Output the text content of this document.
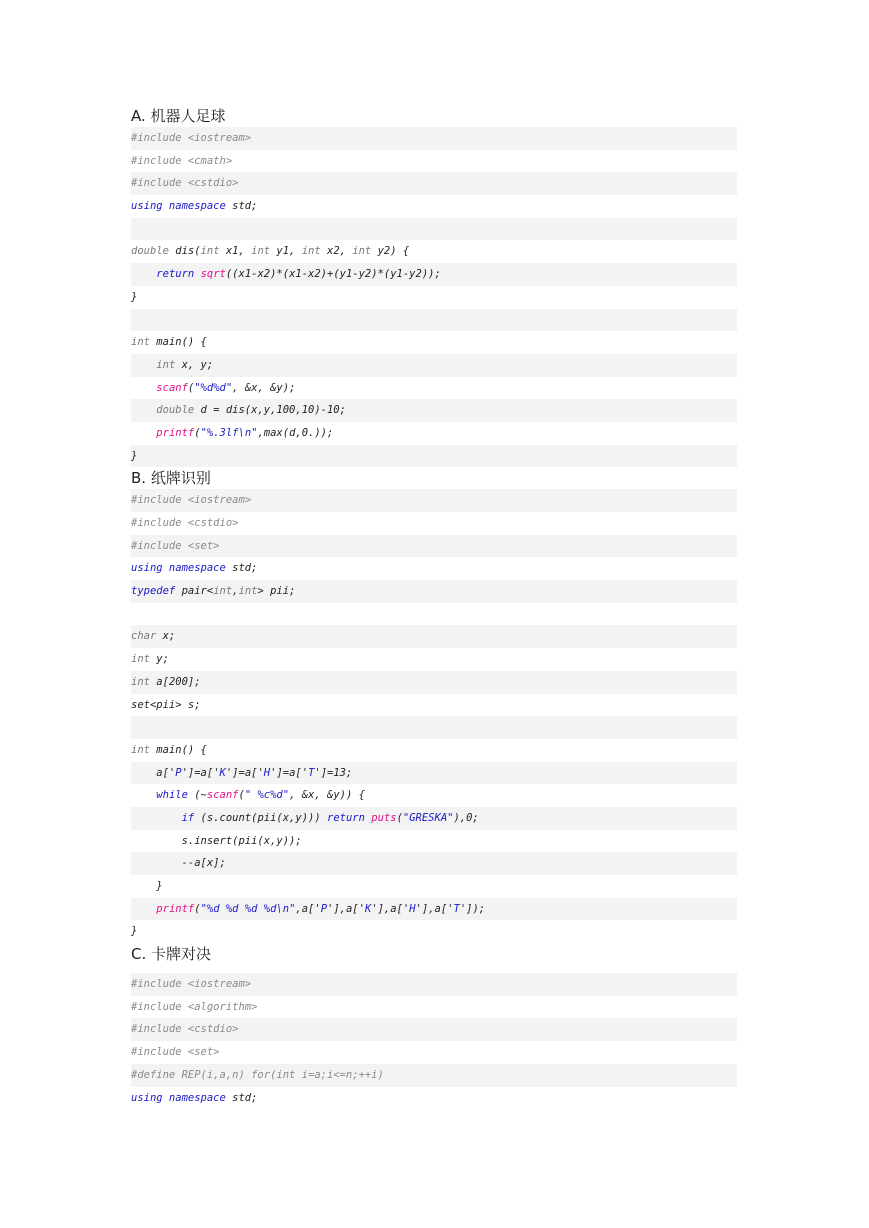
A. 机器人足球
#include <iostream>
#include <cmath>
#include <cstdio>
using namespace std;

double dis(int x1, int y1, int x2, int y2) {
return sqrt((x1-x2)*(x1-x2)+(y1-y2)*(y1-y2));
}

int main() {
int x, y;
scanf("%d%d", &x, &y);
double d = dis(x,y,100,10)-10;
printf("%.3lf\n",max(d,0.));
}
B. 纸牌识别
#include <iostream>
#include <cstdio>
#include <set>
using namespace std;
typedef pair<int,int> pii;

char x;
int y;
int a[200];
set<pii> s;

int main() {
a['P']=a['K']=a['H']=a['T']=13;
while (~scanf(" %c%d", &x, &y)) {
if (s.count(pii(x,y))) return puts("GRESKA"),0;
s.insert(pii(x,y));
--a[x];
}
printf("%d %d %d %d\n",a['P'],a['K'],a['H'],a['T']);
}
C. 卡牌对决
#include <iostream>
#include <algorithm>
#include <cstdio>
#include <set>
#define REP(i,a,n) for(int i=a;i<=n;++i)
using namespace std;
